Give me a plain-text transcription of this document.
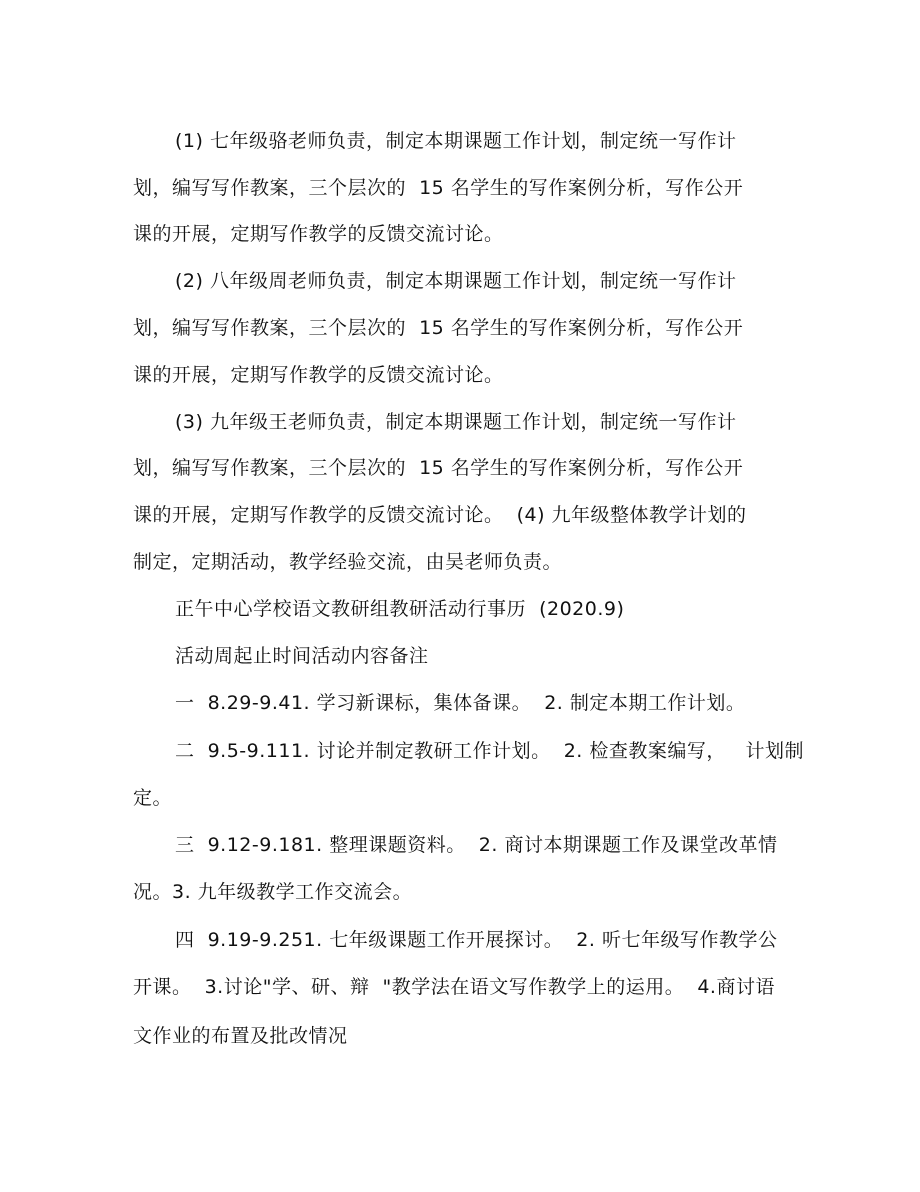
(1) 七年级骆老师负责，制定本期课题工作计划，制定统一写作计
划，编写写作教案，三个层次的  15 名学生的写作案例分析，写作公开
课的开展，定期写作教学的反馈交流讨论。
(2) 八年级周老师负责，制定本期课题工作计划，制定统一写作计
划，编写写作教案，三个层次的  15 名学生的写作案例分析，写作公开
课的开展，定期写作教学的反馈交流讨论。
(3) 九年级王老师负责，制定本期课题工作计划，制定统一写作计
划，编写写作教案，三个层次的  15 名学生的写作案例分析，写作公开
课的开展，定期写作教学的反馈交流讨论。  (4) 九年级整体教学计划的
制定，定期活动，教学经验交流，由吴老师负责。
正午中心学校语文教研组教研活动行事历  (2020.9)
活动周起止时间活动内容备注
一  8.29-9.41. 学习新课标，集体备课。  2. 制定本期工作计划。
二  9.5-9.111. 讨论并制定教研工作计划。  2. 检查教案编写，   计划制
定。
三  9.12-9.181. 整理课题资料。  2. 商讨本期课题工作及课堂改革情
况。3. 九年级教学工作交流会。
四  9.19-9.251. 七年级课题工作开展探讨。  2. 听七年级写作教学公
开课。  3.讨论"学、研、辩  "教学法在语文写作教学上的运用。  4.商讨语
文作业的布置及批改情况
